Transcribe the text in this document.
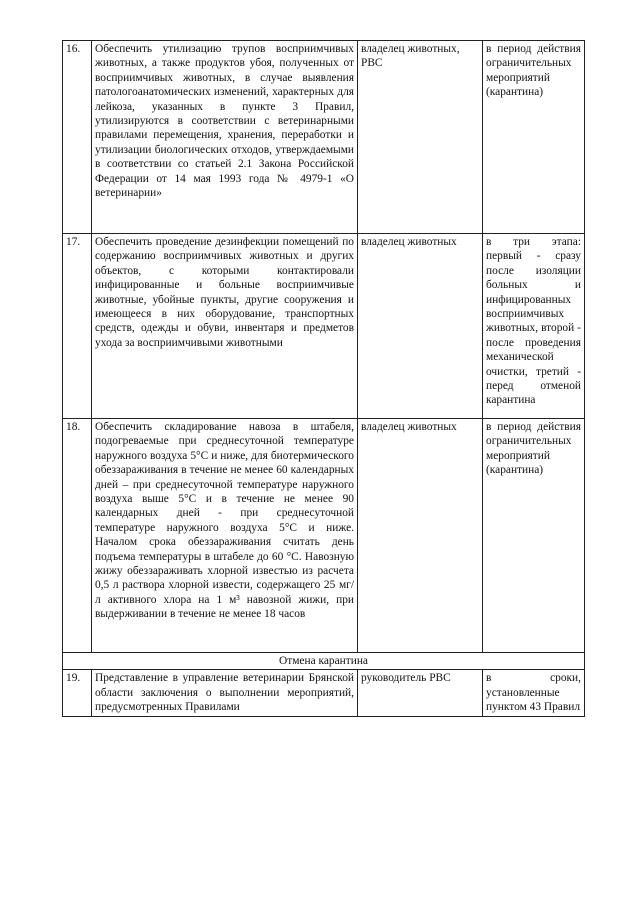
16.	Обеспечить утилизацию трупов восприимчивых животных, а также продуктов убоя, полученных от восприимчивых животных, в случае выявления патологоанатомических изменений, характерных для лейкоза, указанных в пункте 3 Правил, утилизируются в соответствии с ветеринарными правилами перемещения, хранения, переработки и утилизации биологических отходов, утверждаемыми в соответствии со статьей 2.1 Закона Российской Федерации от 14 мая 1993 года № 4979-1 «О ветеринарии»	владелец животных, РВС	в период действия ограничительных мероприятий (карантина)
17.	Обеспечить проведение дезинфекции помещений по содержанию восприимчивых животных и других объектов, с которыми контактировали инфицированные и больные восприимчивые животные, убойные пункты, другие сооружения и имеющееся в них оборудование, транспортных средств, одежды и обуви, инвентаря и предметов ухода за восприимчивыми животными	владелец животных	в три этапа: первый - сразу после изоляции больных и инфицированных восприимчивых животных, второй - после проведения механической очистки, третий - перед отменой карантина
18.	Обеспечить складирование навоза в штабеля, подогреваемые при среднесуточной температуре наружного воздуха 5°С и ниже, для биотермического обеззараживания в течение не менее 60 календарных дней – при среднесуточной температуре наружного воздуха выше 5°С и в течение не менее 90 календарных дней - при среднесуточной температуре наружного воздуха 5°С и ниже. Началом срока обеззараживания считать день подъема температуры в штабеле до 60 °С. Навозную жижу обеззараживать хлорной известью из расчета 0,5 л раствора хлорной извести, содержащего 25 мг/л активного хлора на 1 м³ навозной жижи, при выдерживании в течение не менее 18 часов	владелец животных	в период действия ограничительных мероприятий (карантина)
Отмена карантина			
19.	Представление в управление ветеринарии Брянской области заключения о выполнении мероприятий, предусмотренных Правилами	руководитель РВС	в сроки, установленные пунктом 43 Правил
